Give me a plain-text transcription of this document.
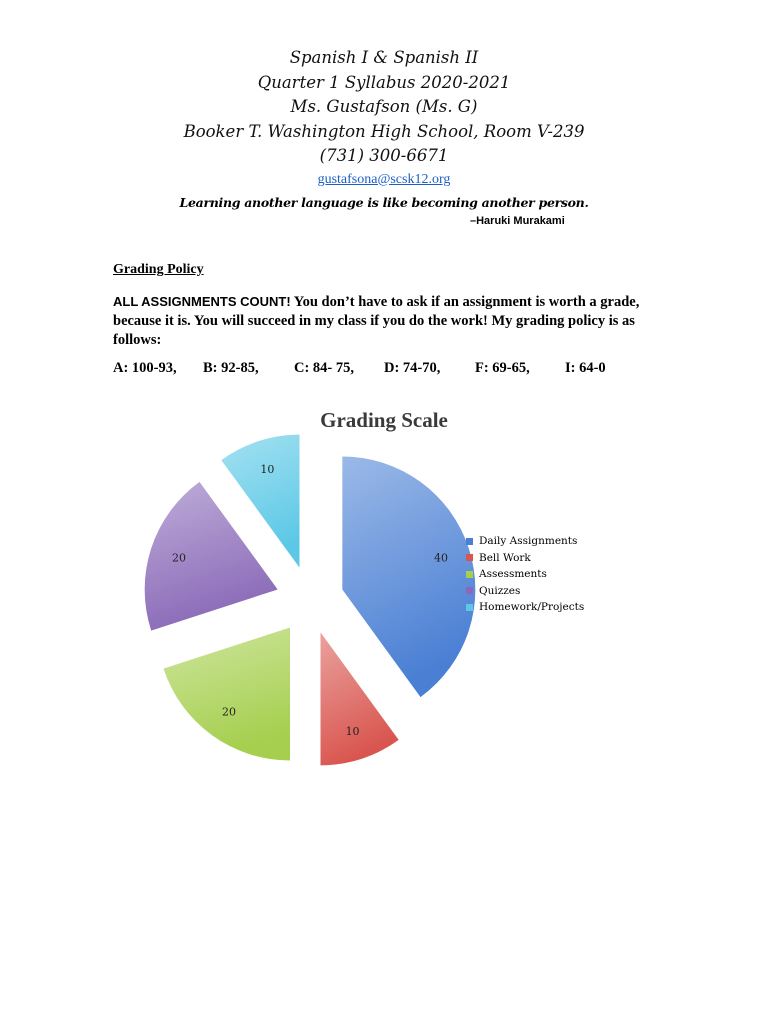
Spanish I & Spanish II
Quarter 1 Syllabus 2020-2021
Ms. Gustafson (Ms. G)
Booker T. Washington High School, Room V-239
(731) 300-6671
gustafsona@scsk12.org
Learning another language is like becoming another person.
–Haruki Murakami
Grading Policy
ALL ASSIGNMENTS COUNT! You don’t have to ask if an assignment is worth a grade, because it is. You will succeed in my class if you do the work! My grading policy is as follows:
A: 100-93, B: 92-85, C: 84- 75, D: 74-70, F: 69-65, I: 64-0
Grading Scale
40
10
20
20
10
Daily Assignments
Bell Work
Assessments
Quizzes
Homework/Projects
